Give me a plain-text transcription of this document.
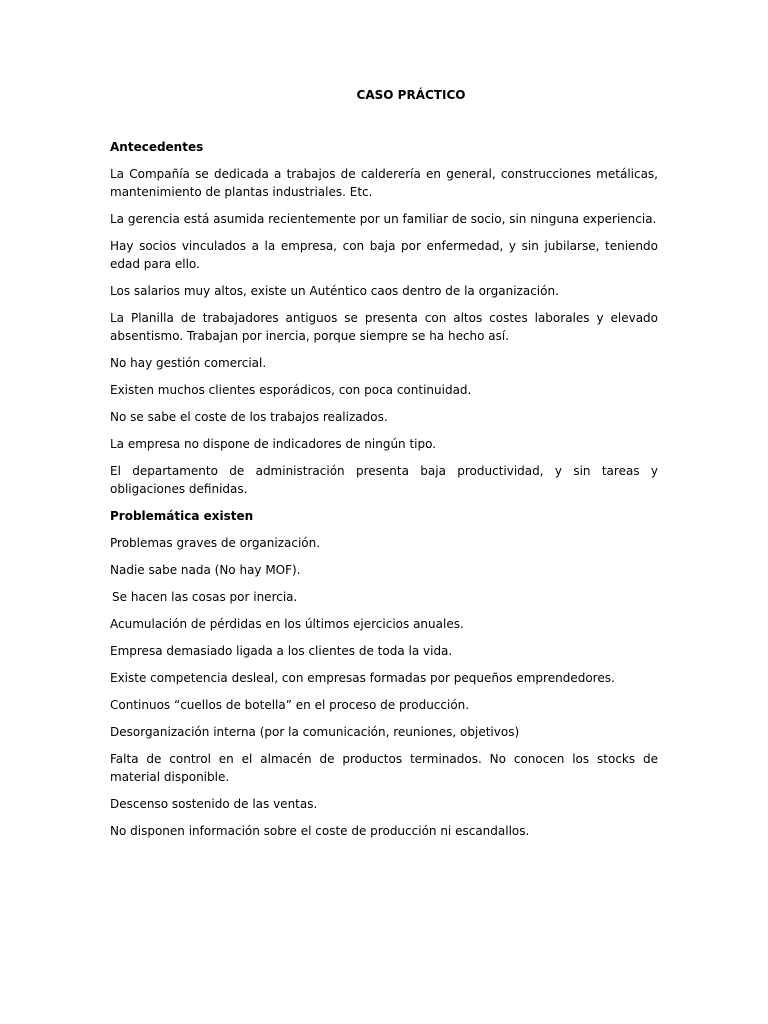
CASO PRÁCTICO

Antecedentes

La Compañía se dedicada a trabajos de calderería en general, construcciones metálicas, mantenimiento de plantas industriales. Etc.

La gerencia está asumida recientemente por un familiar de socio, sin ninguna experiencia.

Hay socios vinculados a la empresa, con baja por enfermedad, y sin jubilarse, teniendo edad para ello.

Los salarios muy altos, existe un Auténtico caos dentro de la organización.

La Planilla de trabajadores antiguos se presenta con altos costes laborales y elevado absentismo. Trabajan por inercia, porque siempre se ha hecho así.

No hay gestión comercial.

Existen muchos clientes esporádicos, con poca continuidad.

No se sabe el coste de los trabajos realizados.

La empresa no dispone de indicadores de ningún tipo.

El departamento de administración presenta baja productividad, y sin tareas y obligaciones definidas.

Problemática existen

Problemas graves de organización.

Nadie sabe nada (No hay MOF).

Se hacen las cosas por inercia.

Acumulación de pérdidas en los últimos ejercicios anuales.

Empresa demasiado ligada a los clientes de toda la vida.

Existe competencia desleal, con empresas formadas por pequeños emprendedores.

Continuos “cuellos de botella” en el proceso de producción.

Desorganización interna (por la comunicación, reuniones, objetivos)

Falta de control en el almacén de productos terminados. No conocen los stocks de material disponible.

Descenso sostenido de las ventas.

No disponen información sobre el coste de producción ni escandallos.
